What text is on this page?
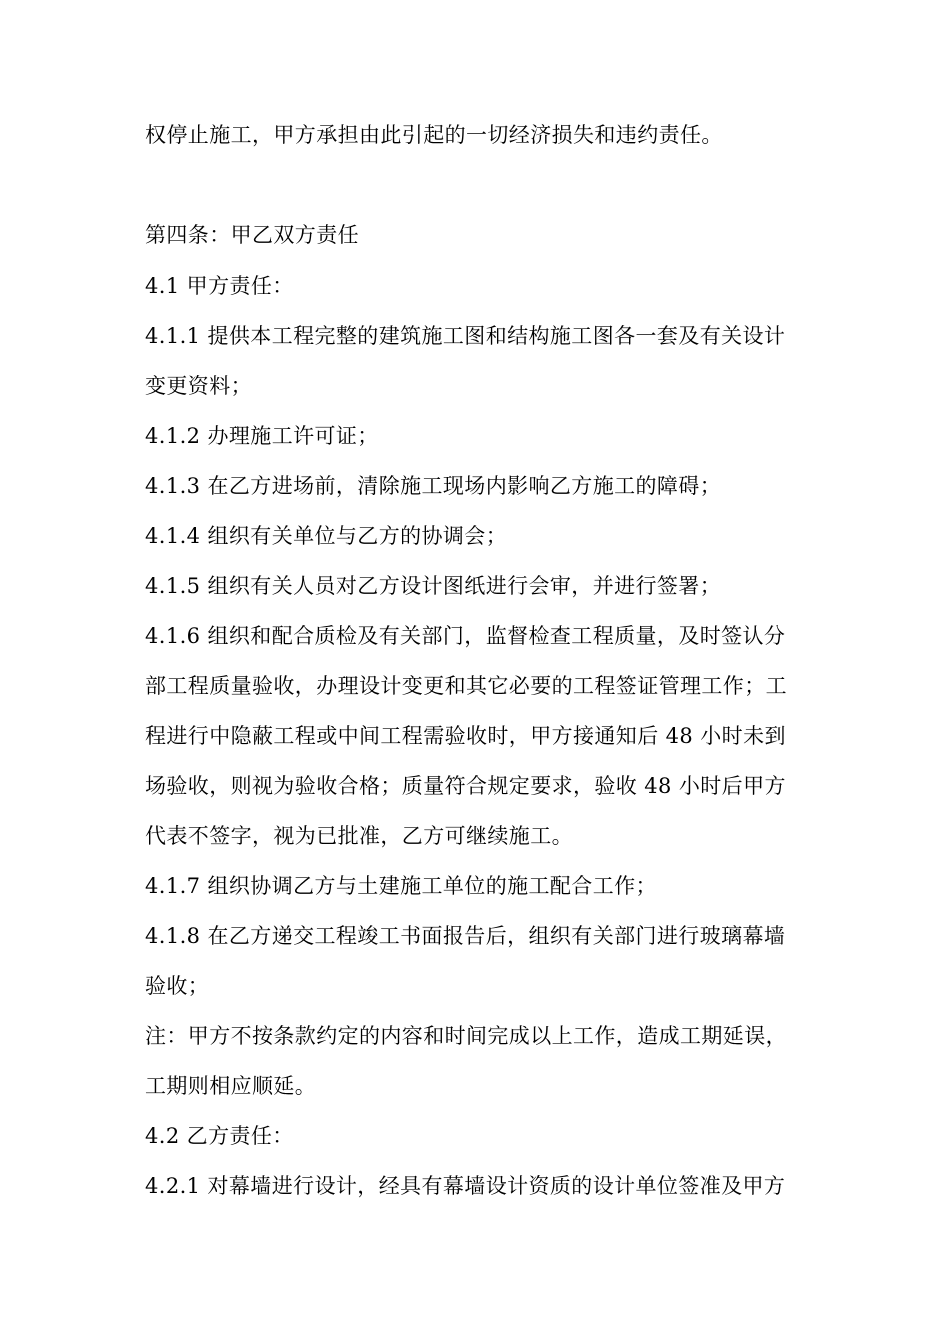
权停止施工，甲方承担由此引起的一切经济损失和违约责任。
第四条：甲乙双方责任
4.1 甲方责任：
4.1.1 提供本工程完整的建筑施工图和结构施工图各一套及有关设计
变更资料；
4.1.2 办理施工许可证；
4.1.3 在乙方进场前，清除施工现场内影响乙方施工的障碍；
4.1.4 组织有关单位与乙方的协调会；
4.1.5 组织有关人员对乙方设计图纸进行会审，并进行签署；
4.1.6 组织和配合质检及有关部门，监督检查工程质量，及时签认分
部工程质量验收，办理设计变更和其它必要的工程签证管理工作；工
程进行中隐蔽工程或中间工程需验收时，甲方接通知后 48 小时未到
场验收，则视为验收合格；质量符合规定要求，验收 48 小时后甲方
代表不签字，视为已批准，乙方可继续施工。
4.1.7 组织协调乙方与土建施工单位的施工配合工作；
4.1.8 在乙方递交工程竣工书面报告后，组织有关部门进行玻璃幕墙
验收；
注：甲方不按条款约定的内容和时间完成以上工作，造成工期延误，
工期则相应顺延。
4.2 乙方责任：
4.2.1 对幕墙进行设计，经具有幕墙设计资质的设计单位签准及甲方
